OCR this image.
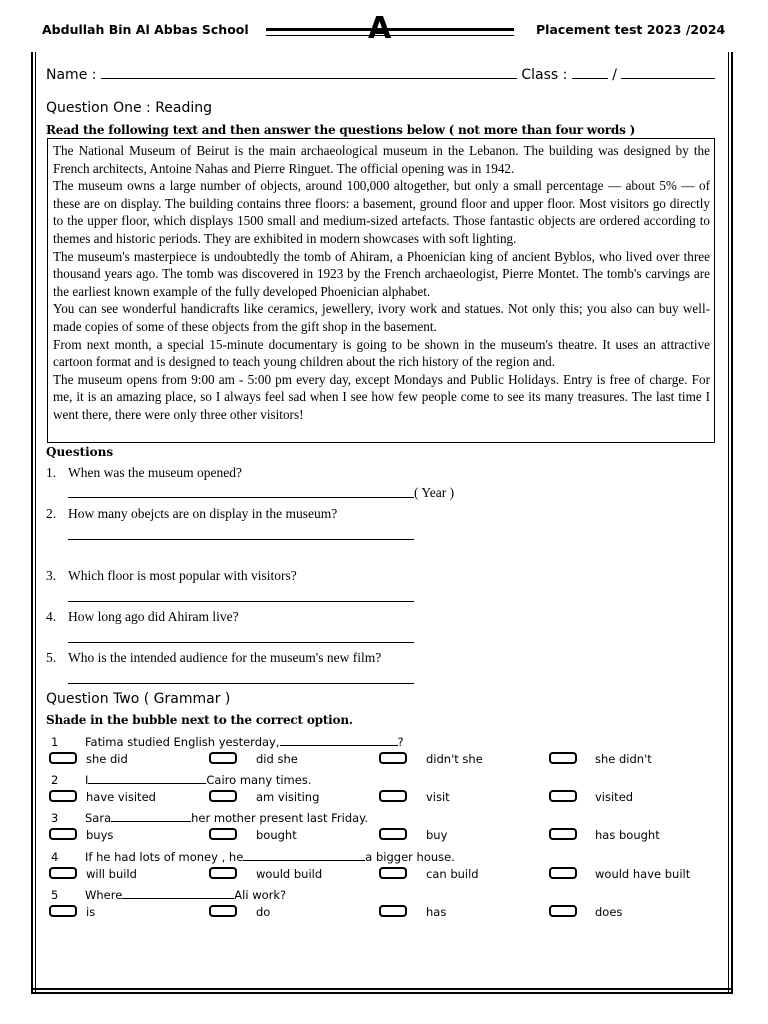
Abdullah Bin Al Abbas School	A	Placement test 2023 /2024
Name :	Class :	/
Question One : Reading
Read the following text and then answer the questions below ( not more than four words )

The National Museum of Beirut is the main archaeological museum in the Lebanon. The building was designed by the French architects, Antoine Nahas and Pierre Ringuet. The official opening was in 1942.

The museum owns a large number of objects, around 100,000 altogether, but only a small percentage — about 5% — of these are on display. The building contains three floors: a basement, ground floor and upper floor. Most visitors go directly to the upper floor, which displays 1500 small and medium-sized artefacts. Those fantastic objects are ordered according to themes and historic periods. They are exhibited in modern showcases with soft lighting.

The museum's masterpiece is undoubtedly the tomb of Ahiram, a Phoenician king of ancient Byblos, who lived over three thousand years ago. The tomb was discovered in 1923 by the French archaeologist, Pierre Montet. The tomb's carvings are the earliest known example of the fully developed Phoenician alphabet.

You can see wonderful handicrafts like ceramics, jewellery, ivory work and statues. Not only this; you also can buy well-made copies of some of these objects from the gift shop in the basement.

From next month, a special 15-minute documentary is going to be shown in the museum's theatre. It uses an attractive cartoon format and is designed to teach young children about the rich history of the region and.

The museum opens from 9:00 am - 5:00 pm every day, except Mondays and Public Holidays. Entry is free of charge. For me, it is an amazing place, so I always feel sad when I see how few people come to see its many treasures. The last time I went there, there were only three other visitors!

Questions
1. When was the museum opened?
( Year )
2. How many obejcts are on display in the museum?
3. Which floor is most popular with visitors?
4. How long ago did Ahiram live?
5. Who is the intended audience for the museum's new film?
Question Two ( Grammar )
Shade in the bubble next to the correct option.
1 Fatima studied English yesterday,	?
she did	did she	didn't she	she didn't
2 I	Cairo many times.
have visited	am visiting	visit	visited
3 Sara	her mother present last Friday.
buys	bought	buy	has bought
4 If he had lots of money , he	a bigger house.
will build	would build	can build	would have built
5 Where	Ali work?
is	do	has	does
